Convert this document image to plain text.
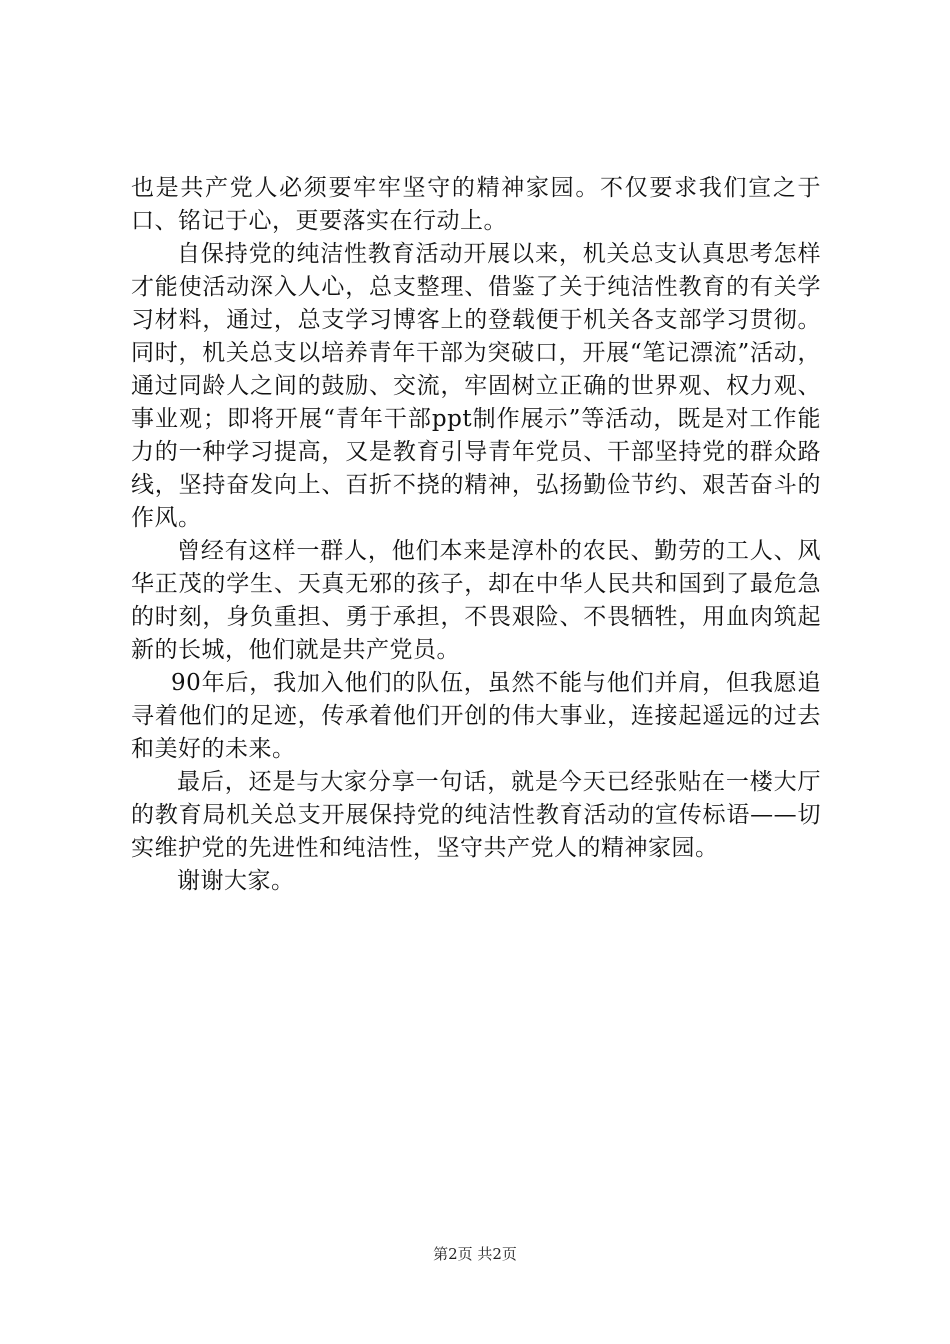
也是共产党人必须要牢牢坚守的精神家园。不仅要求我们宣之于口、铭记于心，更要落实在行动上。

自保持党的纯洁性教育活动开展以来，机关总支认真思考怎样才能使活动深入人心，总支整理、借鉴了关于纯洁性教育的有关学习材料，通过，总支学习博客上的登载便于机关各支部学习贯彻。同时，机关总支以培养青年干部为突破口，开展“笔记漂流”活动，通过同龄人之间的鼓励、交流，牢固树立正确的世界观、权力观、事业观；即将开展“青年干部ppt制作展示”等活动，既是对工作能力的一种学习提高，又是教育引导青年党员、干部坚持党的群众路线，坚持奋发向上、百折不挠的精神，弘扬勤俭节约、艰苦奋斗的作风。

曾经有这样一群人，他们本来是淳朴的农民、勤劳的工人、风华正茂的学生、天真无邪的孩子，却在中华人民共和国到了最危急的时刻，身负重担、勇于承担，不畏艰险、不畏牺牲，用血肉筑起新的长城，他们就是共产党员。

90年后，我加入他们的队伍，虽然不能与他们并肩，但我愿追寻着他们的足迹，传承着他们开创的伟大事业，连接起遥远的过去和美好的未来。

最后，还是与大家分享一句话，就是今天已经张贴在一楼大厅的教育局机关总支开展保持党的纯洁性教育活动的宣传标语——切实维护党的先进性和纯洁性，坚守共产党人的精神家园。

谢谢大家。

第2页 共2页
